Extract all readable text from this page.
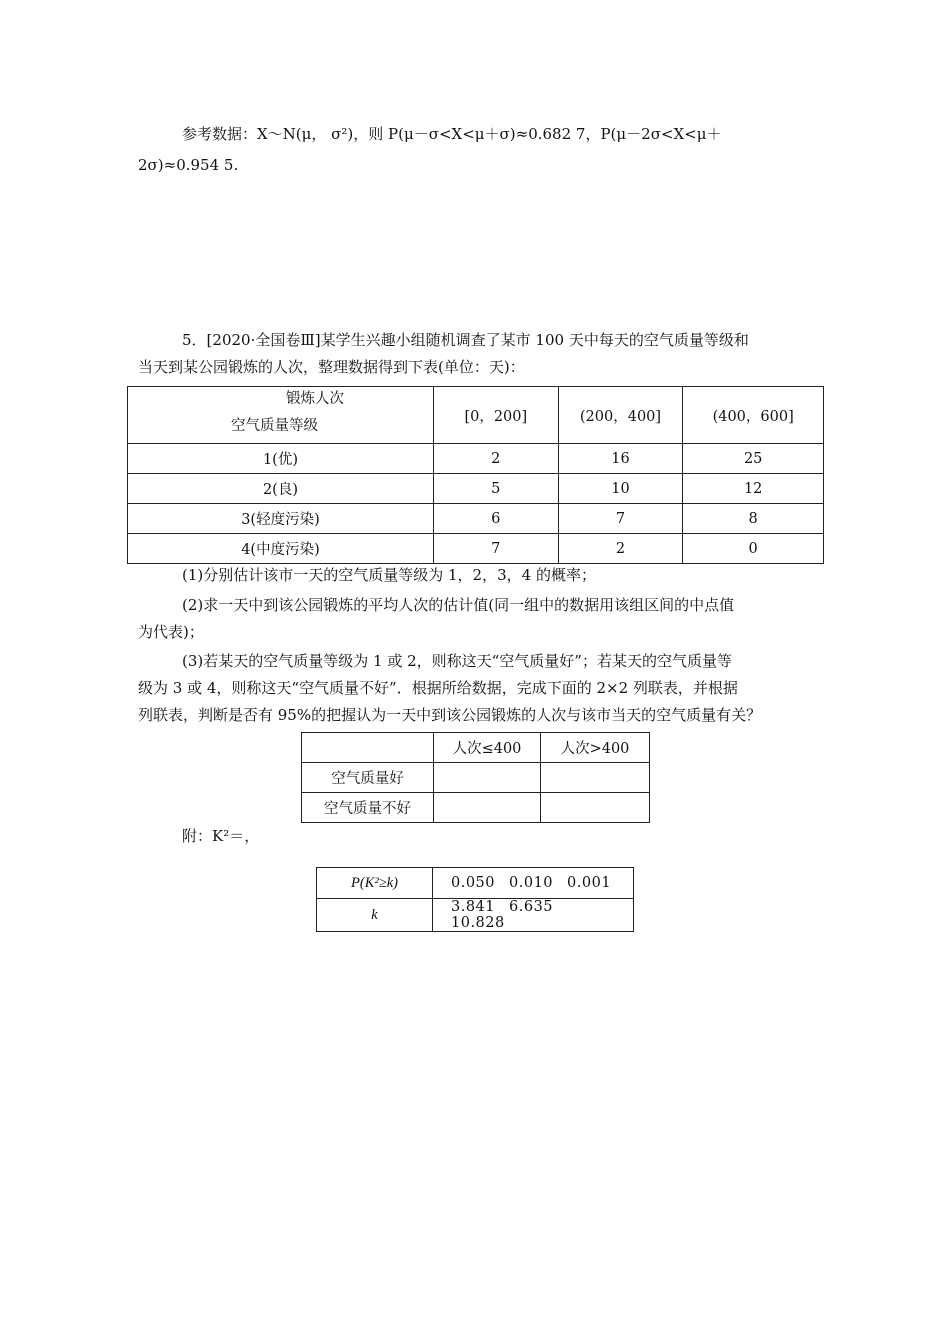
参考数据：X～N(μ， σ²)，则 P(μ－σ<X<μ＋σ)≈0.682 7，P(μ－2σ<X<μ＋
2σ)≈0.954 5.
5．[2020·全国卷Ⅲ]某学生兴趣小组随机调查了某市 100 天中每天的空气质量等级和
当天到某公园锻炼的人次，整理数据得到下表(单位：天)：
锻炼人次
空气质量等级	[0，200]	(200，400]	(400，600]
1(优)	2	16	25
2(良)	5	10	12
3(轻度污染)	6	7	8
4(中度污染)	7	2	0
(1)分别估计该市一天的空气质量等级为 1，2，3，4 的概率；
(2)求一天中到该公园锻炼的平均人次的估计值(同一组中的数据用该组区间的中点值
为代表)；
(3)若某天的空气质量等级为 1 或 2，则称这天“空气质量好”；若某天的空气质量等
级为 3 或 4，则称这天“空气质量不好”．根据所给数据，完成下面的 2×2 列联表，并根据
列联表，判断是否有 95%的把握认为一天中到该公园锻炼的人次与该市当天的空气质量有关？
	人次≤400	人次>400
空气质量好		
空气质量不好		
附：K²＝，
P(K²≥k)	0.050 0.010 0.001
k	3.841 6.63510.828
